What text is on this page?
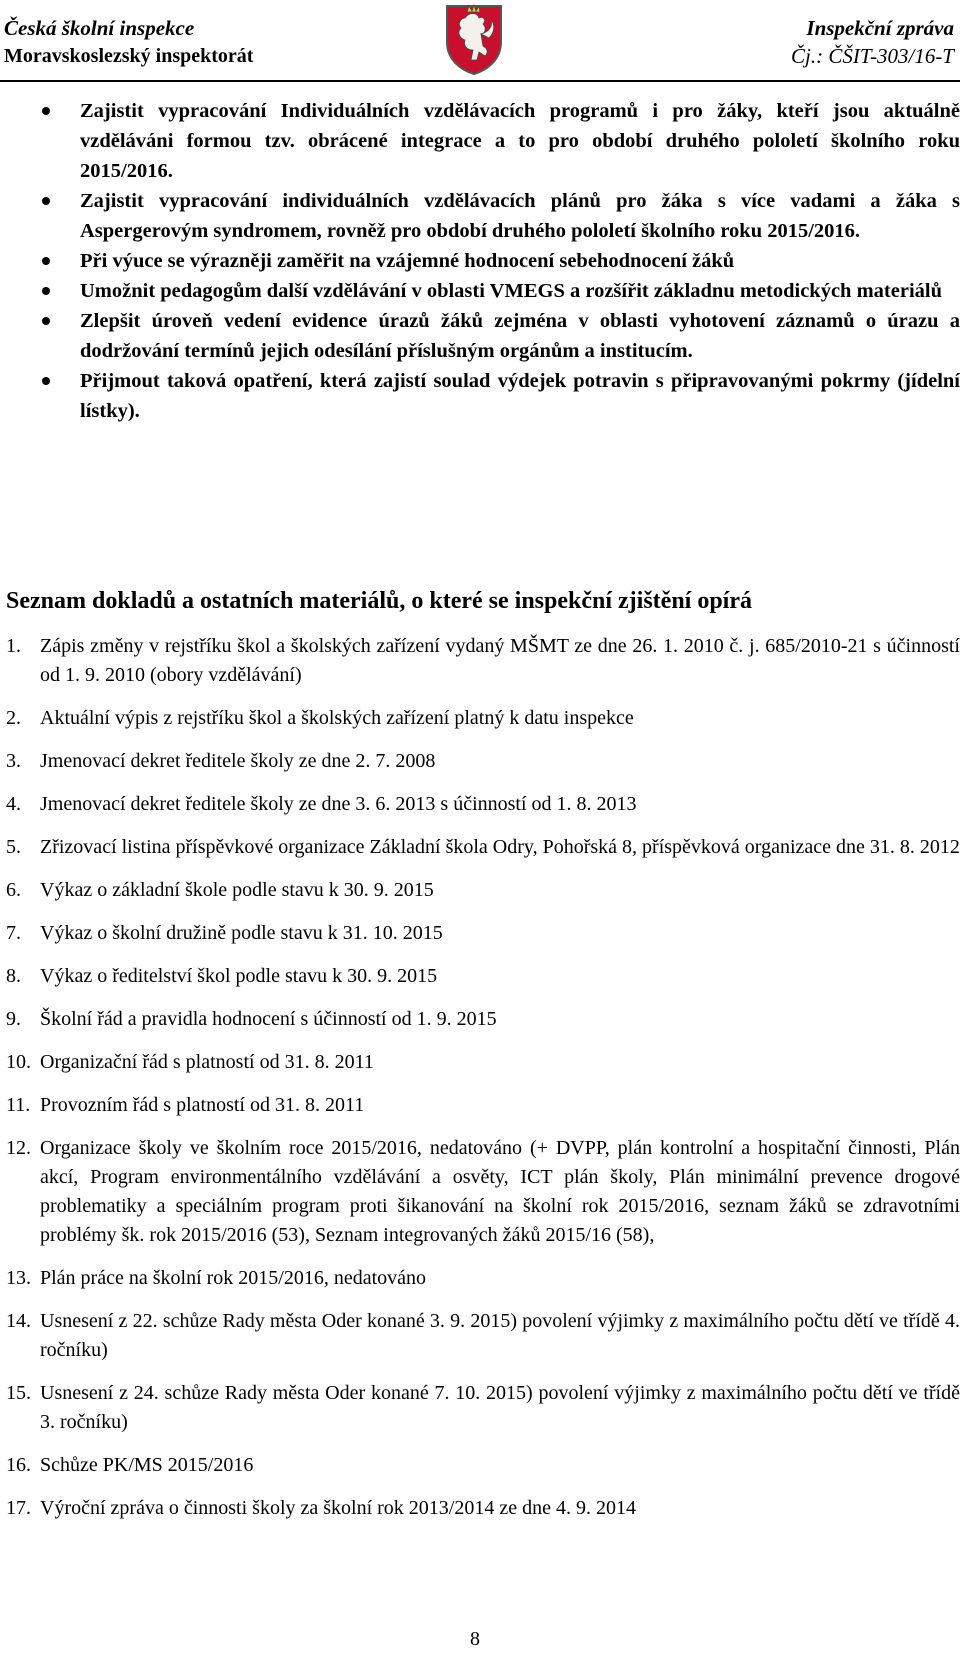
Česká školní inspekce
Moravskoslezský inspektorát
Inspekční zpráva
Čj.: ČŠIT-303/16-T
Zajistit vypracování Individuálních vzdělávacích programů i pro žáky, kteří jsou aktuálně vzděláváni formou tzv. obrácené integrace a to pro období druhého pololetí školního roku 2015/2016.
Zajistit vypracování individuálních vzdělávacích plánů pro žáka s více vadami a žáka s Aspergerovým syndromem, rovněž pro období druhého pololetí školního roku 2015/2016.
Při výuce se výrazněji zaměřit na vzájemné hodnocení sebehodnocení žáků
Umožnit pedagogům další vzdělávání v oblasti VMEGS a rozšířit základnu metodických materiálů
Zlepšit úroveň vedení evidence úrazů žáků zejména v oblasti vyhotovení záznamů o úrazu a dodržování termínů jejich odesílání příslušným orgánům a institucím.
Přijmout taková opatření, která zajistí soulad výdejek potravin s připravovanými pokrmy (jídelní lístky).
Seznam dokladů a ostatních materiálů, o které se inspekční zjištění opírá
1. Zápis změny v rejstříku škol a školských zařízení vydaný MŠMT ze dne 26. 1. 2010 č. j. 685/2010-21 s účinností od 1. 9. 2010 (obory vzdělávání)
2. Aktuální výpis z rejstříku škol a školských zařízení platný k datu inspekce
3. Jmenovací dekret ředitele školy ze dne 2. 7. 2008
4. Jmenovací dekret ředitele školy ze dne 3. 6. 2013 s účinností od 1. 8. 2013
5. Zřizovací listina příspěvkové organizace Základní škola Odry, Pohořská 8, příspěvková organizace dne 31. 8. 2012
6. Výkaz o základní škole podle stavu k 30. 9. 2015
7. Výkaz o školní družině podle stavu k 31. 10. 2015
8. Výkaz o ředitelství škol podle stavu k 30. 9. 2015
9. Školní řád a pravidla hodnocení s účinností od 1. 9. 2015
10. Organizační řád s platností od 31. 8. 2011
11. Provozním řád s platností od 31. 8. 2011
12. Organizace školy ve školním roce 2015/2016, nedatováno (+ DVPP, plán kontrolní a hospitační činnosti, Plán akcí, Program environmentálního vzdělávání a osvěty, ICT plán školy, Plán minimální prevence drogové problematiky a speciálním program proti šikanování na školní rok 2015/2016, seznam žáků se zdravotními problémy šk. rok 2015/2016 (53), Seznam integrovaných žáků 2015/16 (58),
13. Plán práce na školní rok 2015/2016, nedatováno
14. Usnesení z 22. schůze Rady města Oder konané 3. 9. 2015) povolení výjimky z maximálního počtu dětí ve třídě 4. ročníku)
15. Usnesení z 24. schůze Rady města Oder konané 7. 10. 2015) povolení výjimky z maximálního počtu dětí ve třídě 3. ročníku)
16. Schůze PK/MS 2015/2016
17. Výroční zpráva o činnosti školy za školní rok 2013/2014 ze dne 4. 9. 2014
8
